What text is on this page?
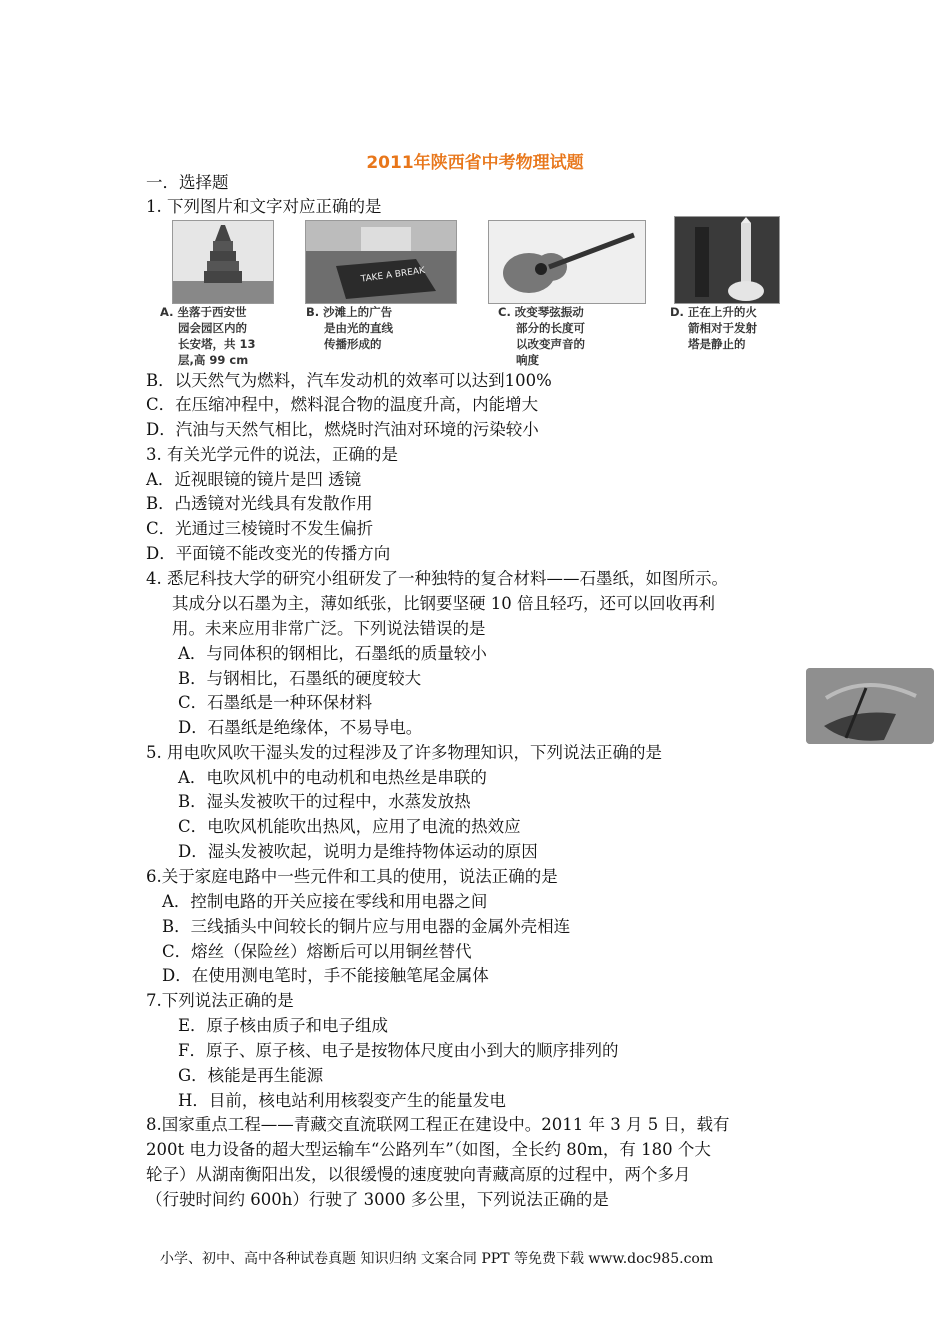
2011年陕西省中考物理试题
一．选择题
1. 下列图片和文字对应正确的是
TAKE A BREAK
A. 坐落于西安世
园会园区内的
长安塔，共 13
层,高 99 cm
B. 沙滩上的广告
是由光的直线
传播形成的
C. 改变琴弦振动
部分的长度可
以改变声音的
响度
D. 正在上升的火
箭相对于发射
塔是静止的
B．以天然气为燃料，汽车发动机的效率可以达到100%
C．在压缩冲程中，燃料混合物的温度升高，内能增大
D．汽油与天然气相比，燃烧时汽油对环境的污染较小
3. 有关光学元件的说法，正确的是
A．近视眼镜的镜片是凹 透镜
B．凸透镜对光线具有发散作用
C．光通过三棱镜时不发生偏折
D．平面镜不能改变光的传播方向
4. 悉尼科技大学的研究小组研发了一种独特的复合材料——石墨纸，如图所示。
其成分以石墨为主，薄如纸张，比钢要坚硬 10 倍且轻巧，还可以回收再利
用。未来应用非常广泛。下列说法错误的是
A．与同体积的钢相比，石墨纸的质量较小
B．与钢相比，石墨纸的硬度较大
C．石墨纸是一种环保材料
D．石墨纸是绝缘体，不易导电。
5. 用电吹风吹干湿头发的过程涉及了许多物理知识，下列说法正确的是
A．电吹风机中的电动机和电热丝是串联的
B．湿头发被吹干的过程中，水蒸发放热
C．电吹风机能吹出热风，应用了电流的热效应
D．湿头发被吹起，说明力是维持物体运动的原因
6.关于家庭电路中一些元件和工具的使用，说法正确的是
A．控制电路的开关应接在零线和用电器之间
B．三线插头中间较长的铜片应与用电器的金属外壳相连
C．熔丝（保险丝）熔断后可以用铜丝替代
D．在使用测电笔时，手不能接触笔尾金属体
7.下列说法正确的是
E．原子核由质子和电子组成
F．原子、原子核、电子是按物体尺度由小到大的顺序排列的
G．核能是再生能源
H．目前，核电站利用核裂变产生的能量发电
8.国家重点工程——青藏交直流联网工程正在建设中。2011 年 3 月 5 日，载有
200t 电力设备的超大型运输车“公路列车”（如图，全长约 80m，有 180 个大
轮子）从湖南衡阳出发，以很缓慢的速度驶向青藏高原的过程中，两个多月
（行驶时间约 600h）行驶了 3000 多公里，下列说法正确的是
小学、初中、高中各种试卷真题 知识归纳 文案合同 PPT 等免费下载 www.doc985.com
